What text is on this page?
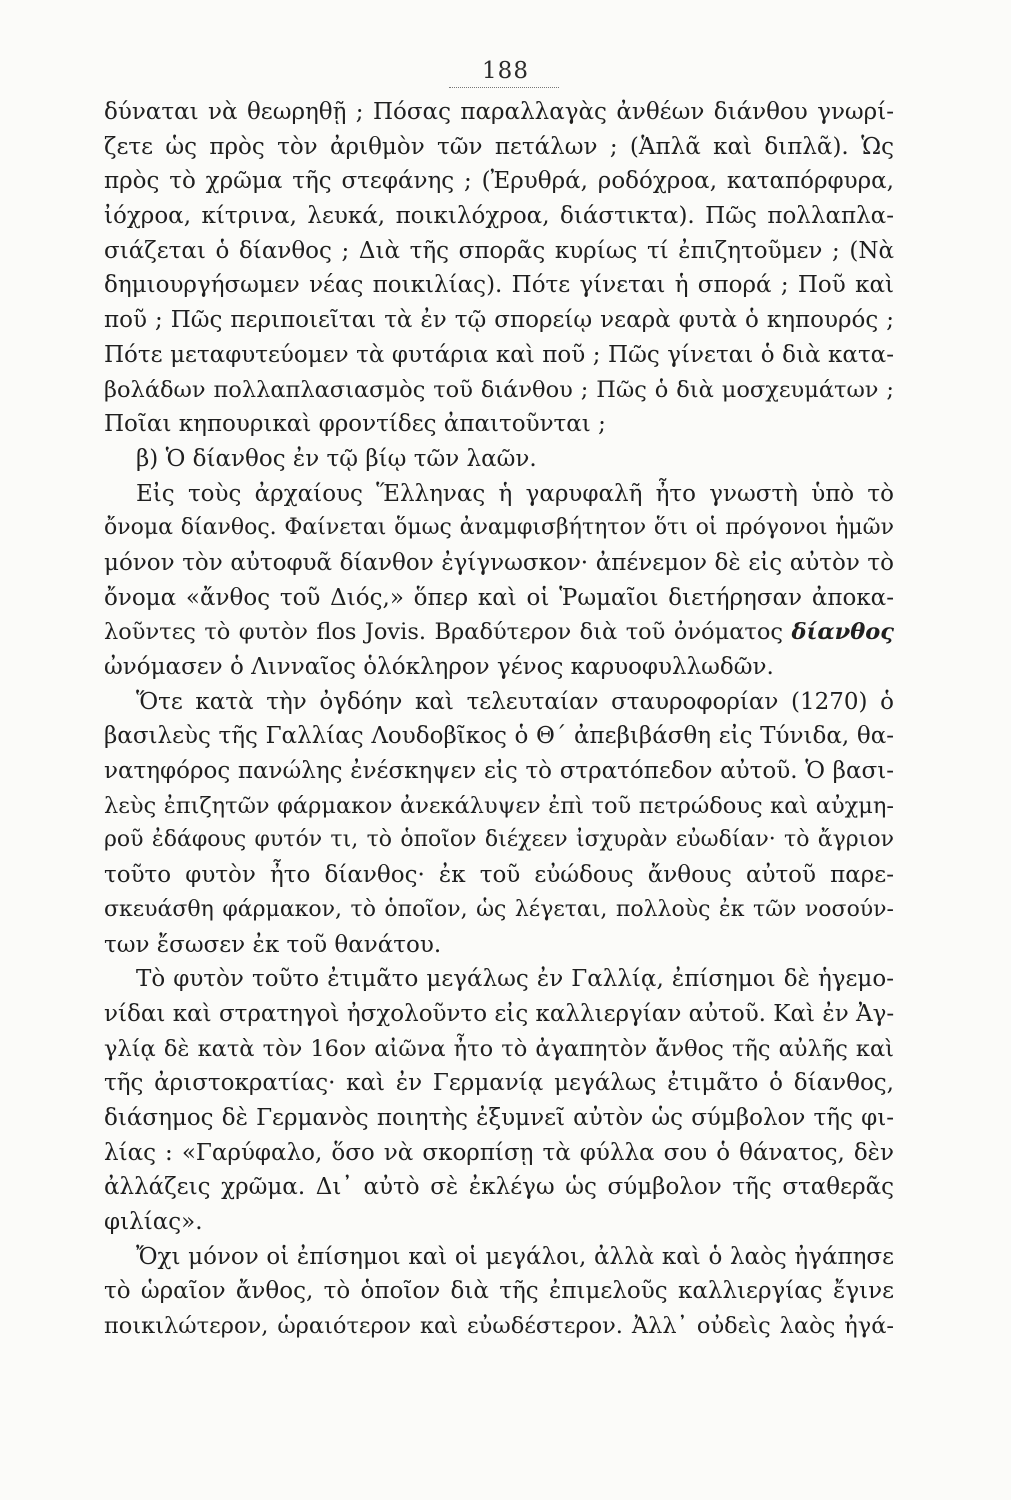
188
δύναται νὰ θεωρηθῇ ; Πόσας παραλλαγὰς ἀνθέων διάνθου γνωρί-
ζετε ὡς πρὸς τὸν ἀριθμὸν τῶν πετάλων ; (Ἁπλᾶ καὶ διπλᾶ). Ὡς
πρὸς τὸ χρῶμα τῆς στεφάνης ; (Ἐρυθρά, ροδόχροα, καταπόρφυρα,
ἰόχροα, κίτρινα, λευκά, ποικιλόχροα, διάστικτα). Πῶς πολλαπλα-
σιάζεται ὁ δίανθος ; Διὰ τῆς σπορᾶς κυρίως τί ἐπιζητοῦμεν ; (Νὰ
δημιουργήσωμεν νέας ποικιλίας). Πότε γίνεται ἡ σπορά ; Ποῦ καὶ
ποῦ ; Πῶς περιποιεῖται τὰ ἐν τῷ σπορείῳ νεαρὰ φυτὰ ὁ κηπουρός ;
Πότε μεταφυτεύομεν τὰ φυτάρια καὶ ποῦ ; Πῶς γίνεται ὁ διὰ κατα-
βολάδων πολλαπλασιασμὸς τοῦ διάνθου ; Πῶς ὁ διὰ μοσχευμάτων ;
Ποῖαι κηπουρικαὶ φροντίδες ἀπαιτοῦνται ;
β) Ὁ δίανθος ἐν τῷ βίῳ τῶν λαῶν.
Εἰς τοὺς ἀρχαίους Ἕλληνας ἡ γαρυφαλῆ ἦτο γνωστὴ ὑπὸ τὸ
ὄνομα δίανθος. Φαίνεται ὅμως ἀναμφισβήτητον ὅτι οἱ πρόγονοι ἡμῶν
μόνον τὸν αὐτοφυᾶ δίανθον ἐγίγνωσκον· ἀπένεμον δὲ εἰς αὐτὸν τὸ
ὄνομα «ἄνθος τοῦ Διός,» ὅπερ καὶ οἱ Ῥωμαῖοι διετήρησαν ἀποκα-
λοῦντες τὸ φυτὸν flos Jovis. Βραδύτερον διὰ τοῦ ὀνόματος δίανθος
ὠνόμασεν ὁ Λινναῖος ὁλόκληρον γένος καρυοφυλλωδῶν.
Ὅτε κατὰ τὴν ὀγδόην καὶ τελευταίαν σταυροφορίαν (1270) ὁ
βασιλεὺς τῆς Γαλλίας Λουδοβῖκος ὁ Θ΄ ἀπεβιβάσθη εἰς Τύνιδα, θα-
νατηφόρος πανώλης ἐνέσκηψεν εἰς τὸ στρατόπεδον αὐτοῦ. Ὁ βασι-
λεὺς ἐπιζητῶν φάρμακον ἀνεκάλυψεν ἐπὶ τοῦ πετρώδους καὶ αὐχμη-
ροῦ ἐδάφους φυτόν τι, τὸ ὁποῖον διέχεεν ἰσχυρὰν εὐωδίαν· τὸ ἄγριον
τοῦτο φυτὸν ἦτο δίανθος· ἐκ τοῦ εὐώδους ἄνθους αὐτοῦ παρε-
σκευάσθη φάρμακον, τὸ ὁποῖον, ὡς λέγεται, πολλοὺς ἐκ τῶν νοσούν-
των ἔσωσεν ἐκ τοῦ θανάτου.
Τὸ φυτὸν τοῦτο ἐτιμᾶτο μεγάλως ἐν Γαλλίᾳ, ἐπίσημοι δὲ ἡγεμο-
νίδαι καὶ στρατηγοὶ ἠσχολοῦντο εἰς καλλιεργίαν αὐτοῦ. Καὶ ἐν Ἀγ-
γλίᾳ δὲ κατὰ τὸν 16ον αἰῶνα ἦτο τὸ ἀγαπητὸν ἄνθος τῆς αὐλῆς καὶ
τῆς ἀριστοκρατίας· καὶ ἐν Γερμανίᾳ μεγάλως ἐτιμᾶτο ὁ δίανθος,
διάσημος δὲ Γερμανὸς ποιητὴς ἐξυμνεῖ αὐτὸν ὡς σύμβολον τῆς φι-
λίας : «Γαρύφαλο, ὅσο νὰ σκορπίσῃ τὰ φύλλα σου ὁ θάνατος, δὲν
ἀλλάζεις χρῶμα. Δι᾽ αὐτὸ σὲ ἐκλέγω ὡς σύμβολον τῆς σταθερᾶς
φιλίας».
Ὄχι μόνον οἱ ἐπίσημοι καὶ οἱ μεγάλοι, ἀλλὰ καὶ ὁ λαὸς ἠγάπησε
τὸ ὡραῖον ἄνθος, τὸ ὁποῖον διὰ τῆς ἐπιμελοῦς καλλιεργίας ἔγινε
ποικιλώτερον, ὡραιότερον καὶ εὐωδέστερον. Ἀλλ᾽ οὐδεὶς λαὸς ἠγά-
